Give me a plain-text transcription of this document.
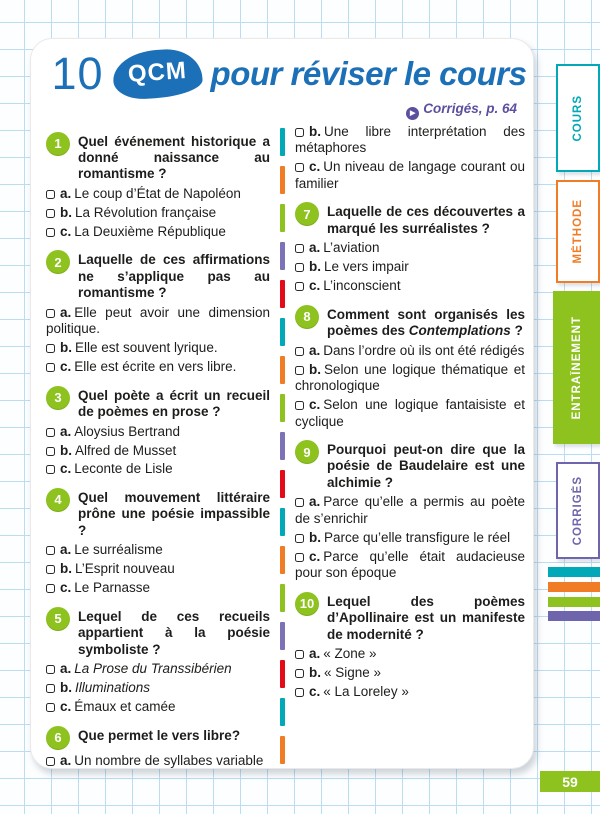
10 QCM pour réviser le cours
▶ Corrigés, p. 64
1	Quel événement historique a donné naissance au romantisme ?
a. Le coup d’État de Napoléon
b. La Révolution française
c. La Deuxième République
2	Laquelle de ces affirmations ne s’applique pas au romantisme ?
a. Elle peut avoir une dimension politique.
b. Elle est souvent lyrique.
c. Elle est écrite en vers libre.
3	Quel poète a écrit un recueil de poèmes en prose ?
a. Aloysius Bertrand
b. Alfred de Musset
c. Leconte de Lisle
4	Quel mouvement littéraire prône une poésie impassible ?
a. Le surréalisme
b. L’Esprit nouveau
c. Le Parnasse
5	Lequel de ces recueils appartient à la poésie symboliste ?
a. La Prose du Transsibérien
b. Illuminations
c. Émaux et camée
6	Que permet le vers libre?
a. Un nombre de syllabes variable
b. Une libre interprétation des métaphores
c. Un niveau de langage courant ou familier
7	Laquelle de ces découvertes a marqué les surréalistes ?
a. L’aviation
b. Le vers impair
c. L’inconscient
8	Comment sont organisés les poèmes des Contemplations ?
a. Dans l’ordre où ils ont été rédigés
b. Selon une logique thématique et chronologique
c. Selon une logique fantaisiste et cyclique
9	Pourquoi peut-on dire que la poésie de Baudelaire est une alchimie ?
a. Parce qu’elle a permis au poète de s’enrichir
b. Parce qu’elle transfigure le réel
c. Parce qu’elle était audacieuse pour son époque
10 Lequel des poèmes d’Apollinaire est un manifeste de modernité ?
a. « Zone »
b. « Signe »
c. « La Loreley »
COURS
MÉTHODE
ENTRAÎNEMENT
CORRIGÉS
59
